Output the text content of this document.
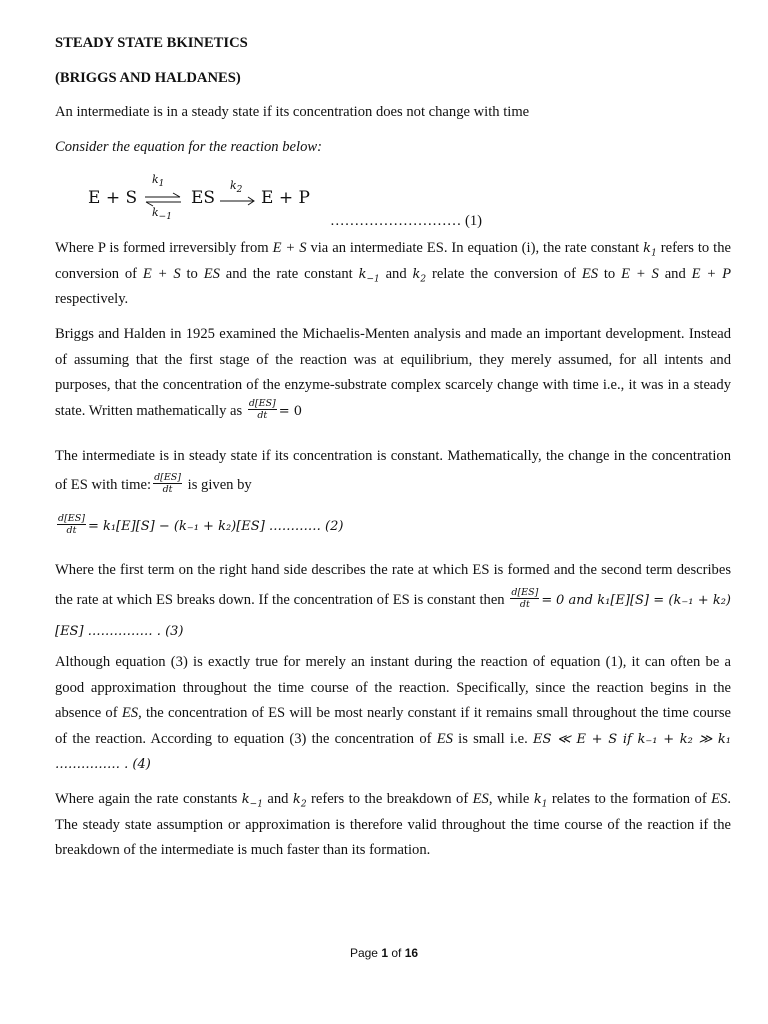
STEADY STATE BKINETICS

(BRIGGS AND HALDANES)

An intermediate is in a steady state if its concentration does not change with time

Consider the equation for the reaction below:

E + S
$k_1$
$k_{-1}$
ES
$k_2$ E + P
……………………… (1)

Where P is formed irreversibly from E + S via an intermediate ES. In equation (i), the rate constant $k_1$ refers to the conversion of E + S to ES and the rate constant $k_{-1}$ and $k_2$ relate the conversion of ES to E + S and E + P respectively.

Briggs and Halden in 1925 examined the Michaelis-Menten analysis and made an important development. Instead of assuming that the first stage of the reaction was at equilibrium, they merely assumed, for all intents and purposes, that the concentration of the enzyme-substrate complex scarcely change with time i.e., it was in a steady state. Written mathematically as $\frac{d[ES]}{dt} = 0$

The intermediate is in steady state if its concentration is constant. Mathematically, the change in the concentration of ES with time: $\frac{d[ES]}{dt}$ is given by

$\frac{d[ES]}{dt} = k_1[E][S] - (k_{-1} + k_2)[ES]$ ………… (2)

Where the first term on the right hand side describes the rate at which ES is formed and the second term describes the rate at which ES breaks down. If the concentration of ES is constant then $\frac{d[ES]}{dt} = 0$ and k₁[E][S] = (k₋₁ + k₂)[ES] …………… . (3)

Although equation (3) is exactly true for merely an instant during the reaction of equation (1), it can often be a good approximation throughout the time course of the reaction. Specifically, since the reaction begins in the absence of ES, the concentration of ES will be most nearly constant if it remains small throughout the time course of the reaction. According to equation (3) the concentration of ES is small i.e. ES ≪ E + S if k₋₁ + k₂ ≫ k₁ …………… . (4)

Where again the rate constants $k_{-1}$ and $k_2$ refers to the breakdown of ES, while $k_1$ relates to the formation of ES. The steady state assumption or approximation is therefore valid throughout the time course of the reaction if the breakdown of the intermediate is much faster than its formation.

Page 1 of 16
